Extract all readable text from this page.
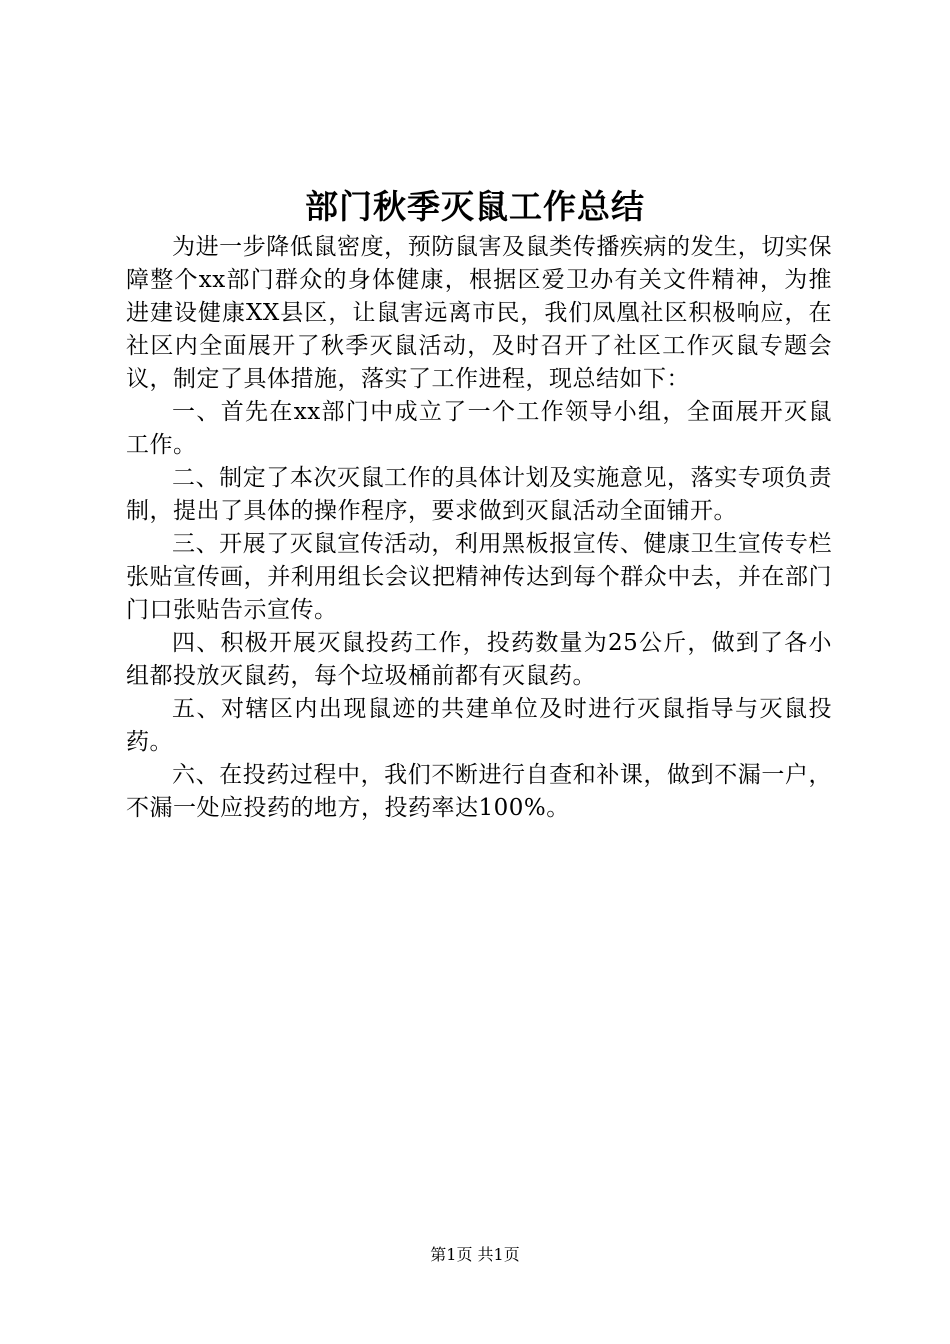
部门秋季灭鼠工作总结

为进一步降低鼠密度，预防鼠害及鼠类传播疾病的发生，切实保障整个xx部门群众的身体健康，根据区爱卫办有关文件精神，为推进建设健康XX县区，让鼠害远离市民，我们凤凰社区积极响应，在社区内全面展开了秋季灭鼠活动，及时召开了社区工作灭鼠专题会议，制定了具体措施，落实了工作进程，现总结如下：

一、首先在xx部门中成立了一个工作领导小组，全面展开灭鼠工作。

二、制定了本次灭鼠工作的具体计划及实施意见，落实专项负责制，提出了具体的操作程序，要求做到灭鼠活动全面铺开。

三、开展了灭鼠宣传活动，利用黑板报宣传、健康卫生宣传专栏张贴宣传画，并利用组长会议把精神传达到每个群众中去，并在部门门口张贴告示宣传。

四、积极开展灭鼠投药工作，投药数量为25公斤，做到了各小组都投放灭鼠药，每个垃圾桶前都有灭鼠药。

五、对辖区内出现鼠迹的共建单位及时进行灭鼠指导与灭鼠投药。

六、在投药过程中，我们不断进行自查和补课，做到不漏一户，不漏一处应投药的地方，投药率达100%。

第1页 共1页
